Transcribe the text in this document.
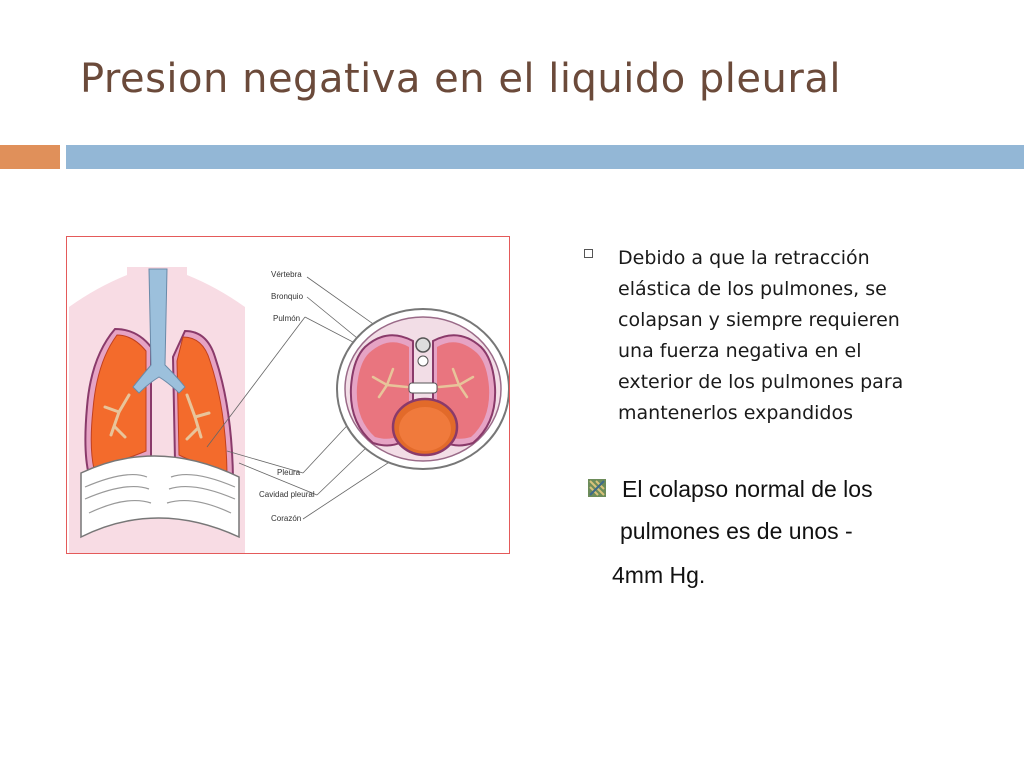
Presion negativa en el liquido pleural
Vértebra
Bronquio
Pulmón
Pleura
Cavidad pleural
Corazón
Debido a que la retracción
elástica de los pulmones, se
colapsan y siempre requieren
una fuerza negativa en el
exterior de los pulmones para
mantenerlos expandidos
El colapso normal de los
pulmones es de unos -
4mm Hg.
